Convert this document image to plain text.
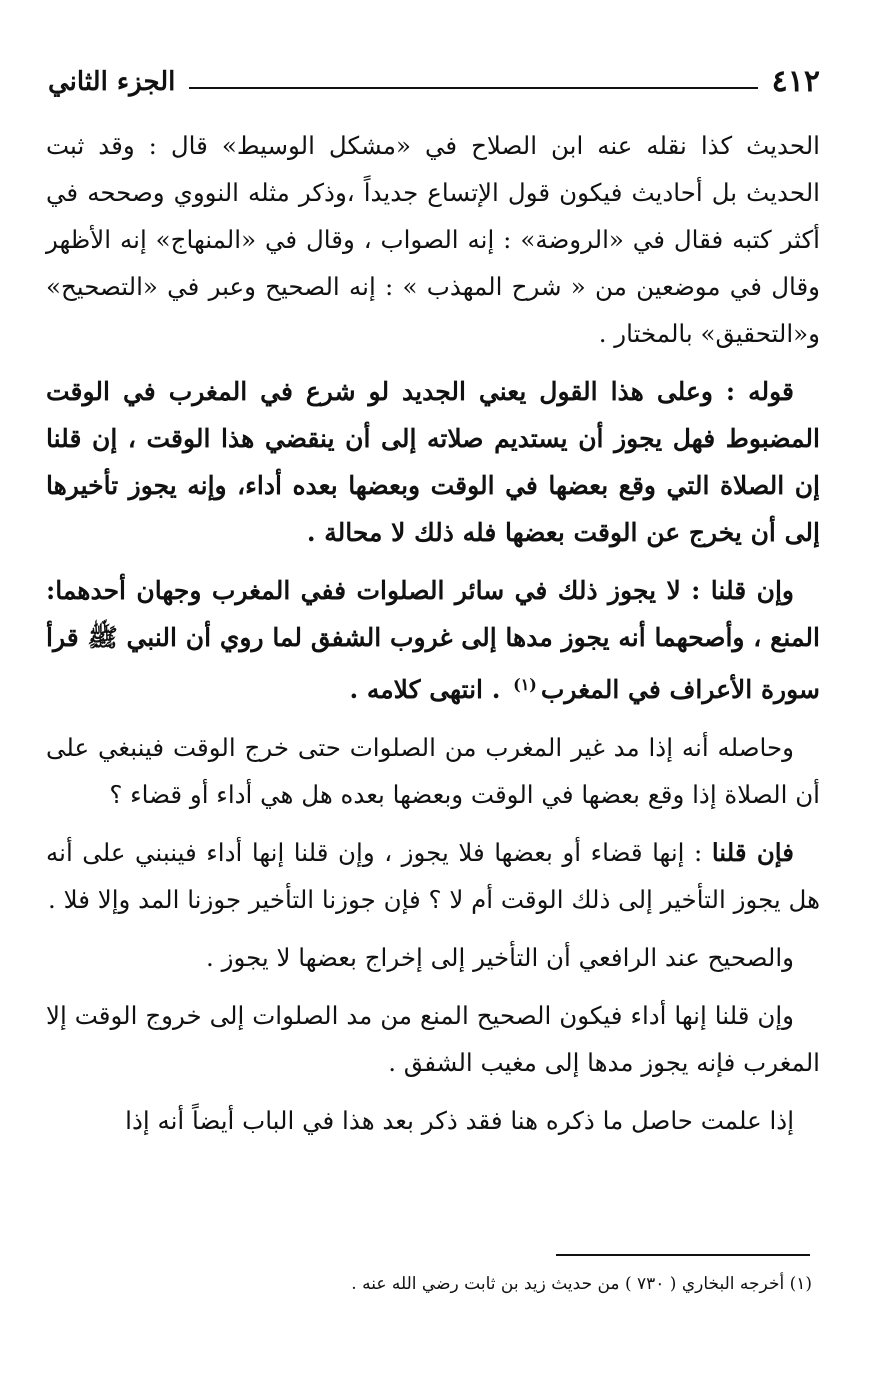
٤١٢
الجزء الثاني

الحديث كذا نقله عنه ابن الصلاح في «مشكل الوسيط» قال : وقد ثبت الحديث بل أحاديث فيكون قول الإتساع جديداً ،وذكر مثله النووي وصححه في أكثر كتبه فقال في «الروضة» : إنه الصواب ، وقال في «المنهاج» إنه الأظهر وقال في موضعين من « شرح المهذب » : إنه الصحيح وعبر في «التصحيح» و«التحقيق» بالمختار .

قوله : وعلى هذا القول يعني الجديد لو شرع في المغرب في الوقت المضبوط فهل يجوز أن يستديم صلاته إلى أن ينقضي هذا الوقت ، إن قلنا إن الصلاة التي وقع بعضها في الوقت وبعضها بعده أداء، وإنه يجوز تأخيرها إلى أن يخرج عن الوقت بعضها فله ذلك لا محالة .

وإن قلنا : لا يجوز ذلك في سائر الصلوات ففي المغرب وجهان أحدهما: المنع ، وأصحهما أنه يجوز مدها إلى غروب الشفق لما روي أن النبي ﷺ قرأ سورة الأعراف في المغرب$^{(١)}$ . انتهى كلامه .

وحاصله أنه إذا مد غير المغرب من الصلوات حتى خرج الوقت فينبغي على أن الصلاة إذا وقع بعضها في الوقت وبعضها بعده هل هي أداء أو قضاء ؟

فإن قلنا : إنها قضاء أو بعضها فلا يجوز ، وإن قلنا إنها أداء فينبني على أنه هل يجوز التأخير إلى ذلك الوقت أم لا ؟ فإن جوزنا التأخير جوزنا المد وإلا فلا .

والصحيح عند الرافعي أن التأخير إلى إخراج بعضها لا يجوز .

وإن قلنا إنها أداء فيكون الصحيح المنع من مد الصلوات إلى خروج الوقت إلا المغرب فإنه يجوز مدها إلى مغيب الشفق .

إذا علمت حاصل ما ذكره هنا فقد ذكر بعد هذا في الباب أيضاً أنه إذا

(١) أخرجه البخاري ( ٧٣٠ ) من حديث زيد بن ثابت رضي الله عنه .
